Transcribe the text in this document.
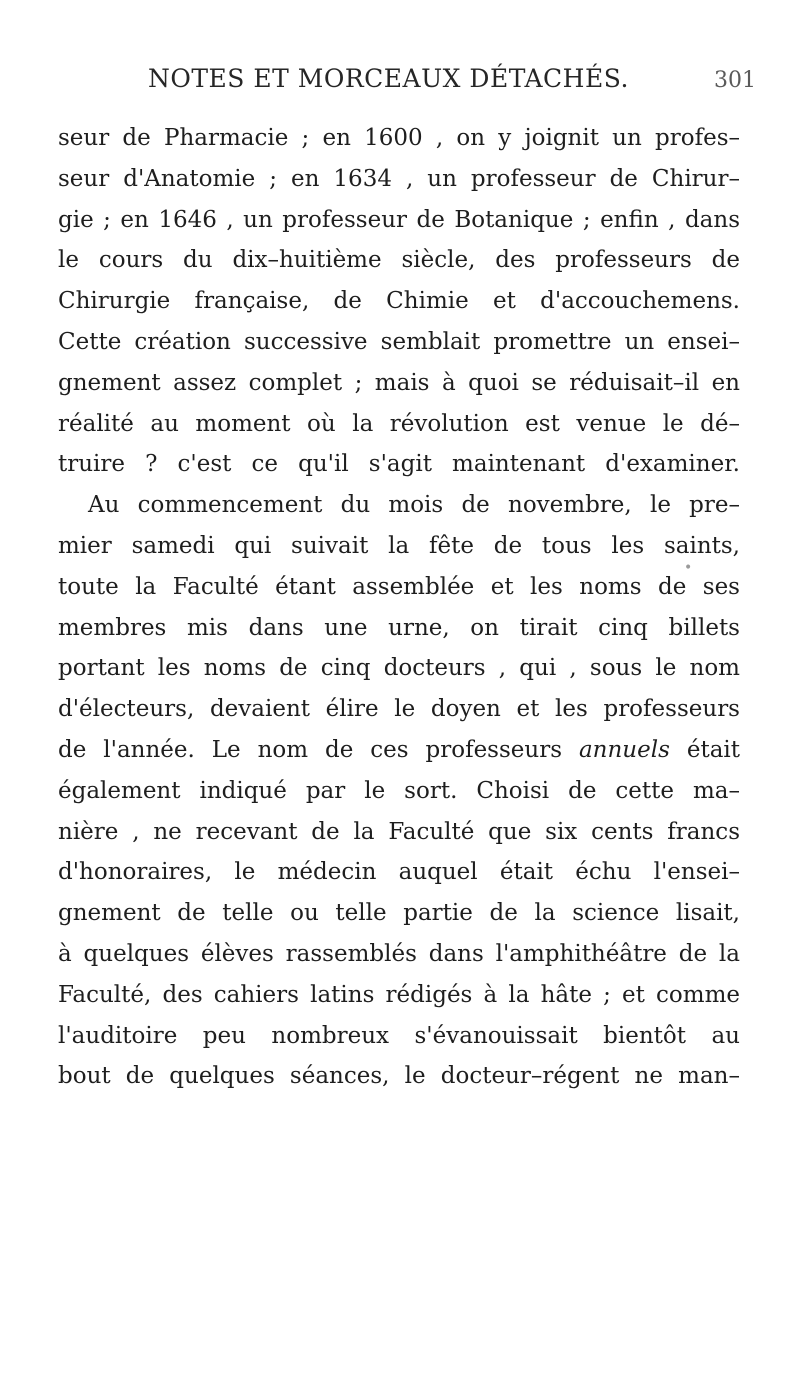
NOTES ET MORCEAUX DÉTACHÉS.	301
seur de Pharmacie ; en 1600 , on y joignit un profes–
seur d'Anatomie ; en 1634 , un professeur de Chirur–
gie ; en 1646 , un professeur de Botanique ; enfin , dans
le cours du dix–huitième siècle, des professeurs de
Chirurgie française, de Chimie et d'accouchemens.
Cette création successive semblait promettre un ensei–
gnement assez complet ; mais à quoi se réduisait–il en
réalité au moment où la révolution est venue le dé–
truire ? c'est ce qu'il s'agit maintenant d'examiner.
Au commencement du mois de novembre, le pre–
mier samedi qui suivait la fête de tous les saints,
toute la Faculté étant assemblée et les noms de ses
membres mis dans une urne, on tirait cinq billets
portant les noms de cinq docteurs , qui , sous le nom
d'électeurs, devaient élire le doyen et les professeurs
de l'année. Le nom de ces professeurs annuels était
également indiqué par le sort. Choisi de cette ma–
nière , ne recevant de la Faculté que six cents francs
d'honoraires, le médecin auquel était échu l'ensei–
gnement de telle ou telle partie de la science lisait,
à quelques élèves rassemblés dans l'amphithéâtre de la
Faculté, des cahiers latins rédigés à la hâte ; et comme
l'auditoire peu nombreux s'évanouissait bientôt au
bout de quelques séances, le docteur–régent ne man–
•
